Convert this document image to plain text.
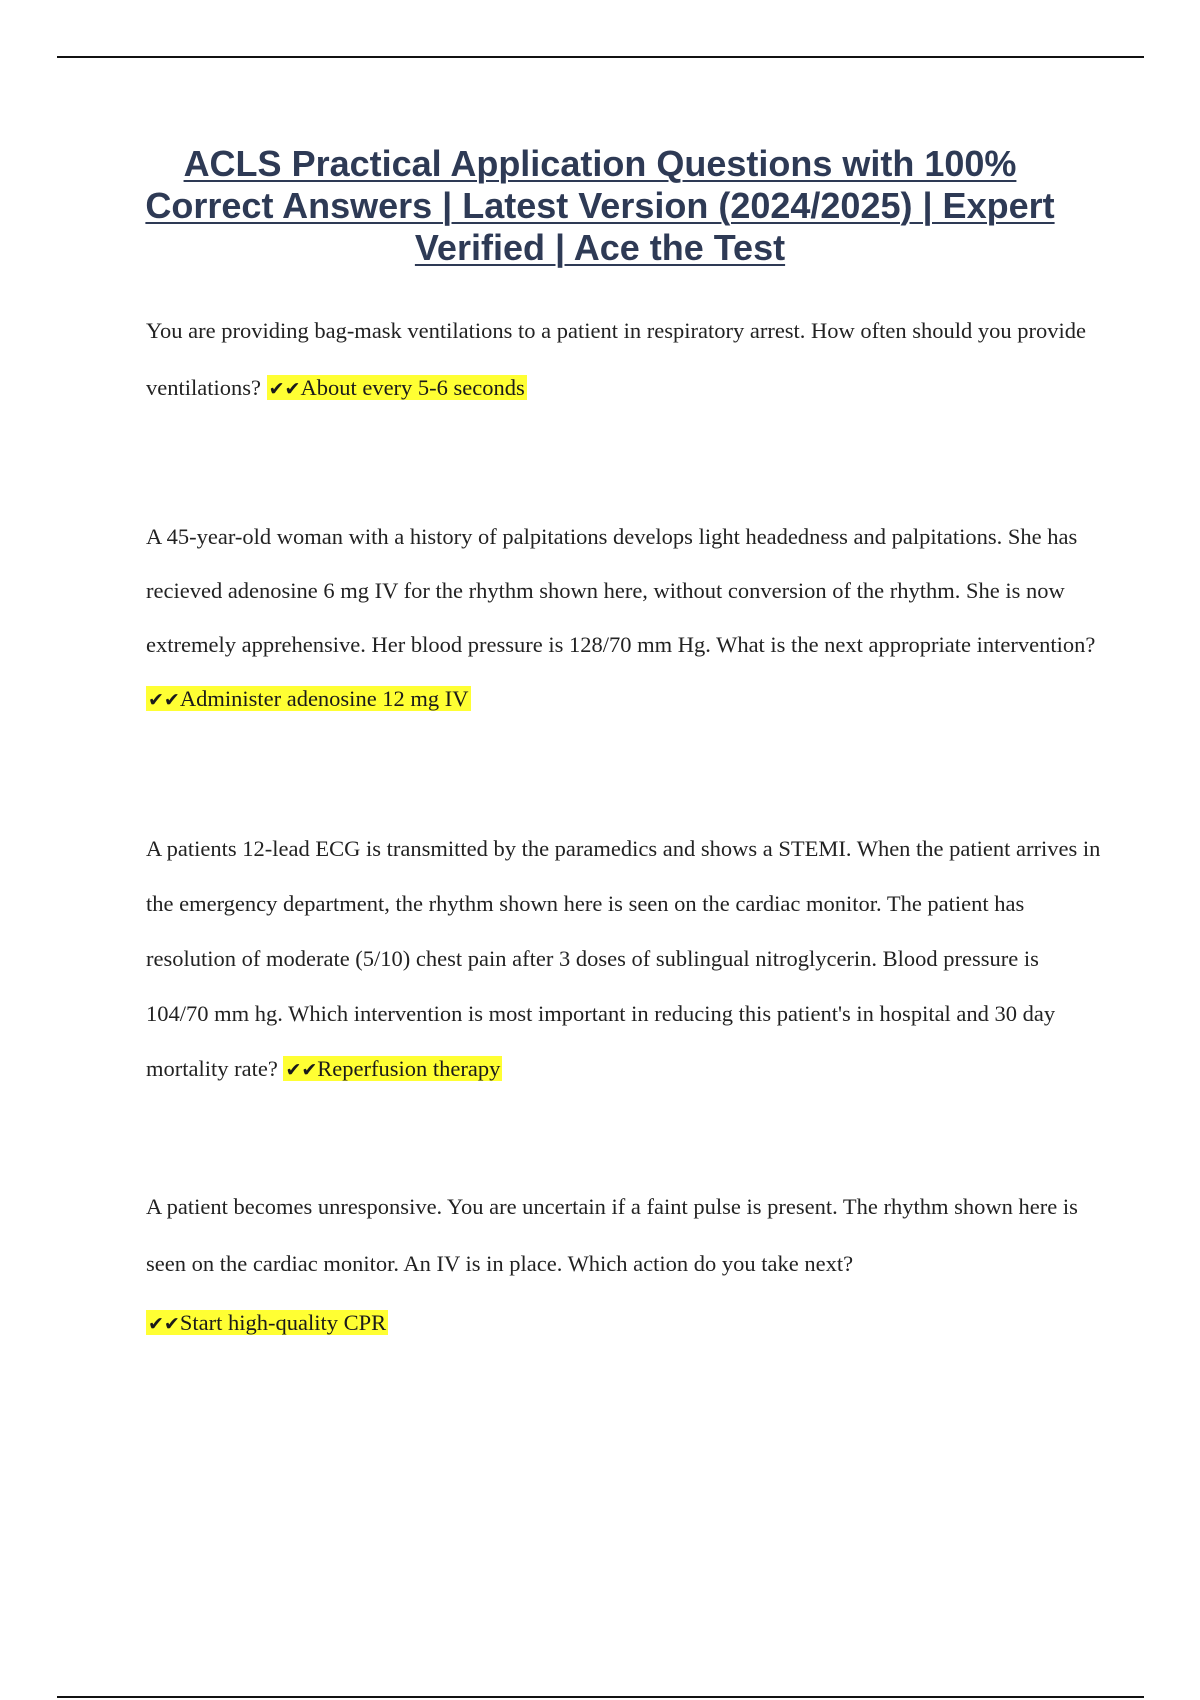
ACLS Practical Application Questions with 100% Correct Answers | Latest Version (2024/2025) | Expert Verified | Ace the Test

You are providing bag-mask ventilations to a patient in respiratory arrest. How often should you provide ventilations? ✔✔About every 5-6 seconds

A 45-year-old woman with a history of palpitations develops light headedness and palpitations. She has recieved adenosine 6 mg IV for the rhythm shown here, without conversion of the rhythm. She is now extremely apprehensive. Her blood pressure is 128/70 mm Hg. What is the next appropriate intervention? ✔✔Administer adenosine 12 mg IV

A patients 12-lead ECG is transmitted by the paramedics and shows a STEMI. When the patient arrives in the emergency department, the rhythm shown here is seen on the cardiac monitor. The patient has resolution of moderate (5/10) chest pain after 3 doses of sublingual nitroglycerin. Blood pressure is 104/70 mm hg. Which intervention is most important in reducing this patient's in hospital and 30 day mortality rate? ✔✔Reperfusion therapy

A patient becomes unresponsive. You are uncertain if a faint pulse is present. The rhythm shown here is seen on the cardiac monitor. An IV is in place. Which action do you take next?

✔✔Start high-quality CPR
